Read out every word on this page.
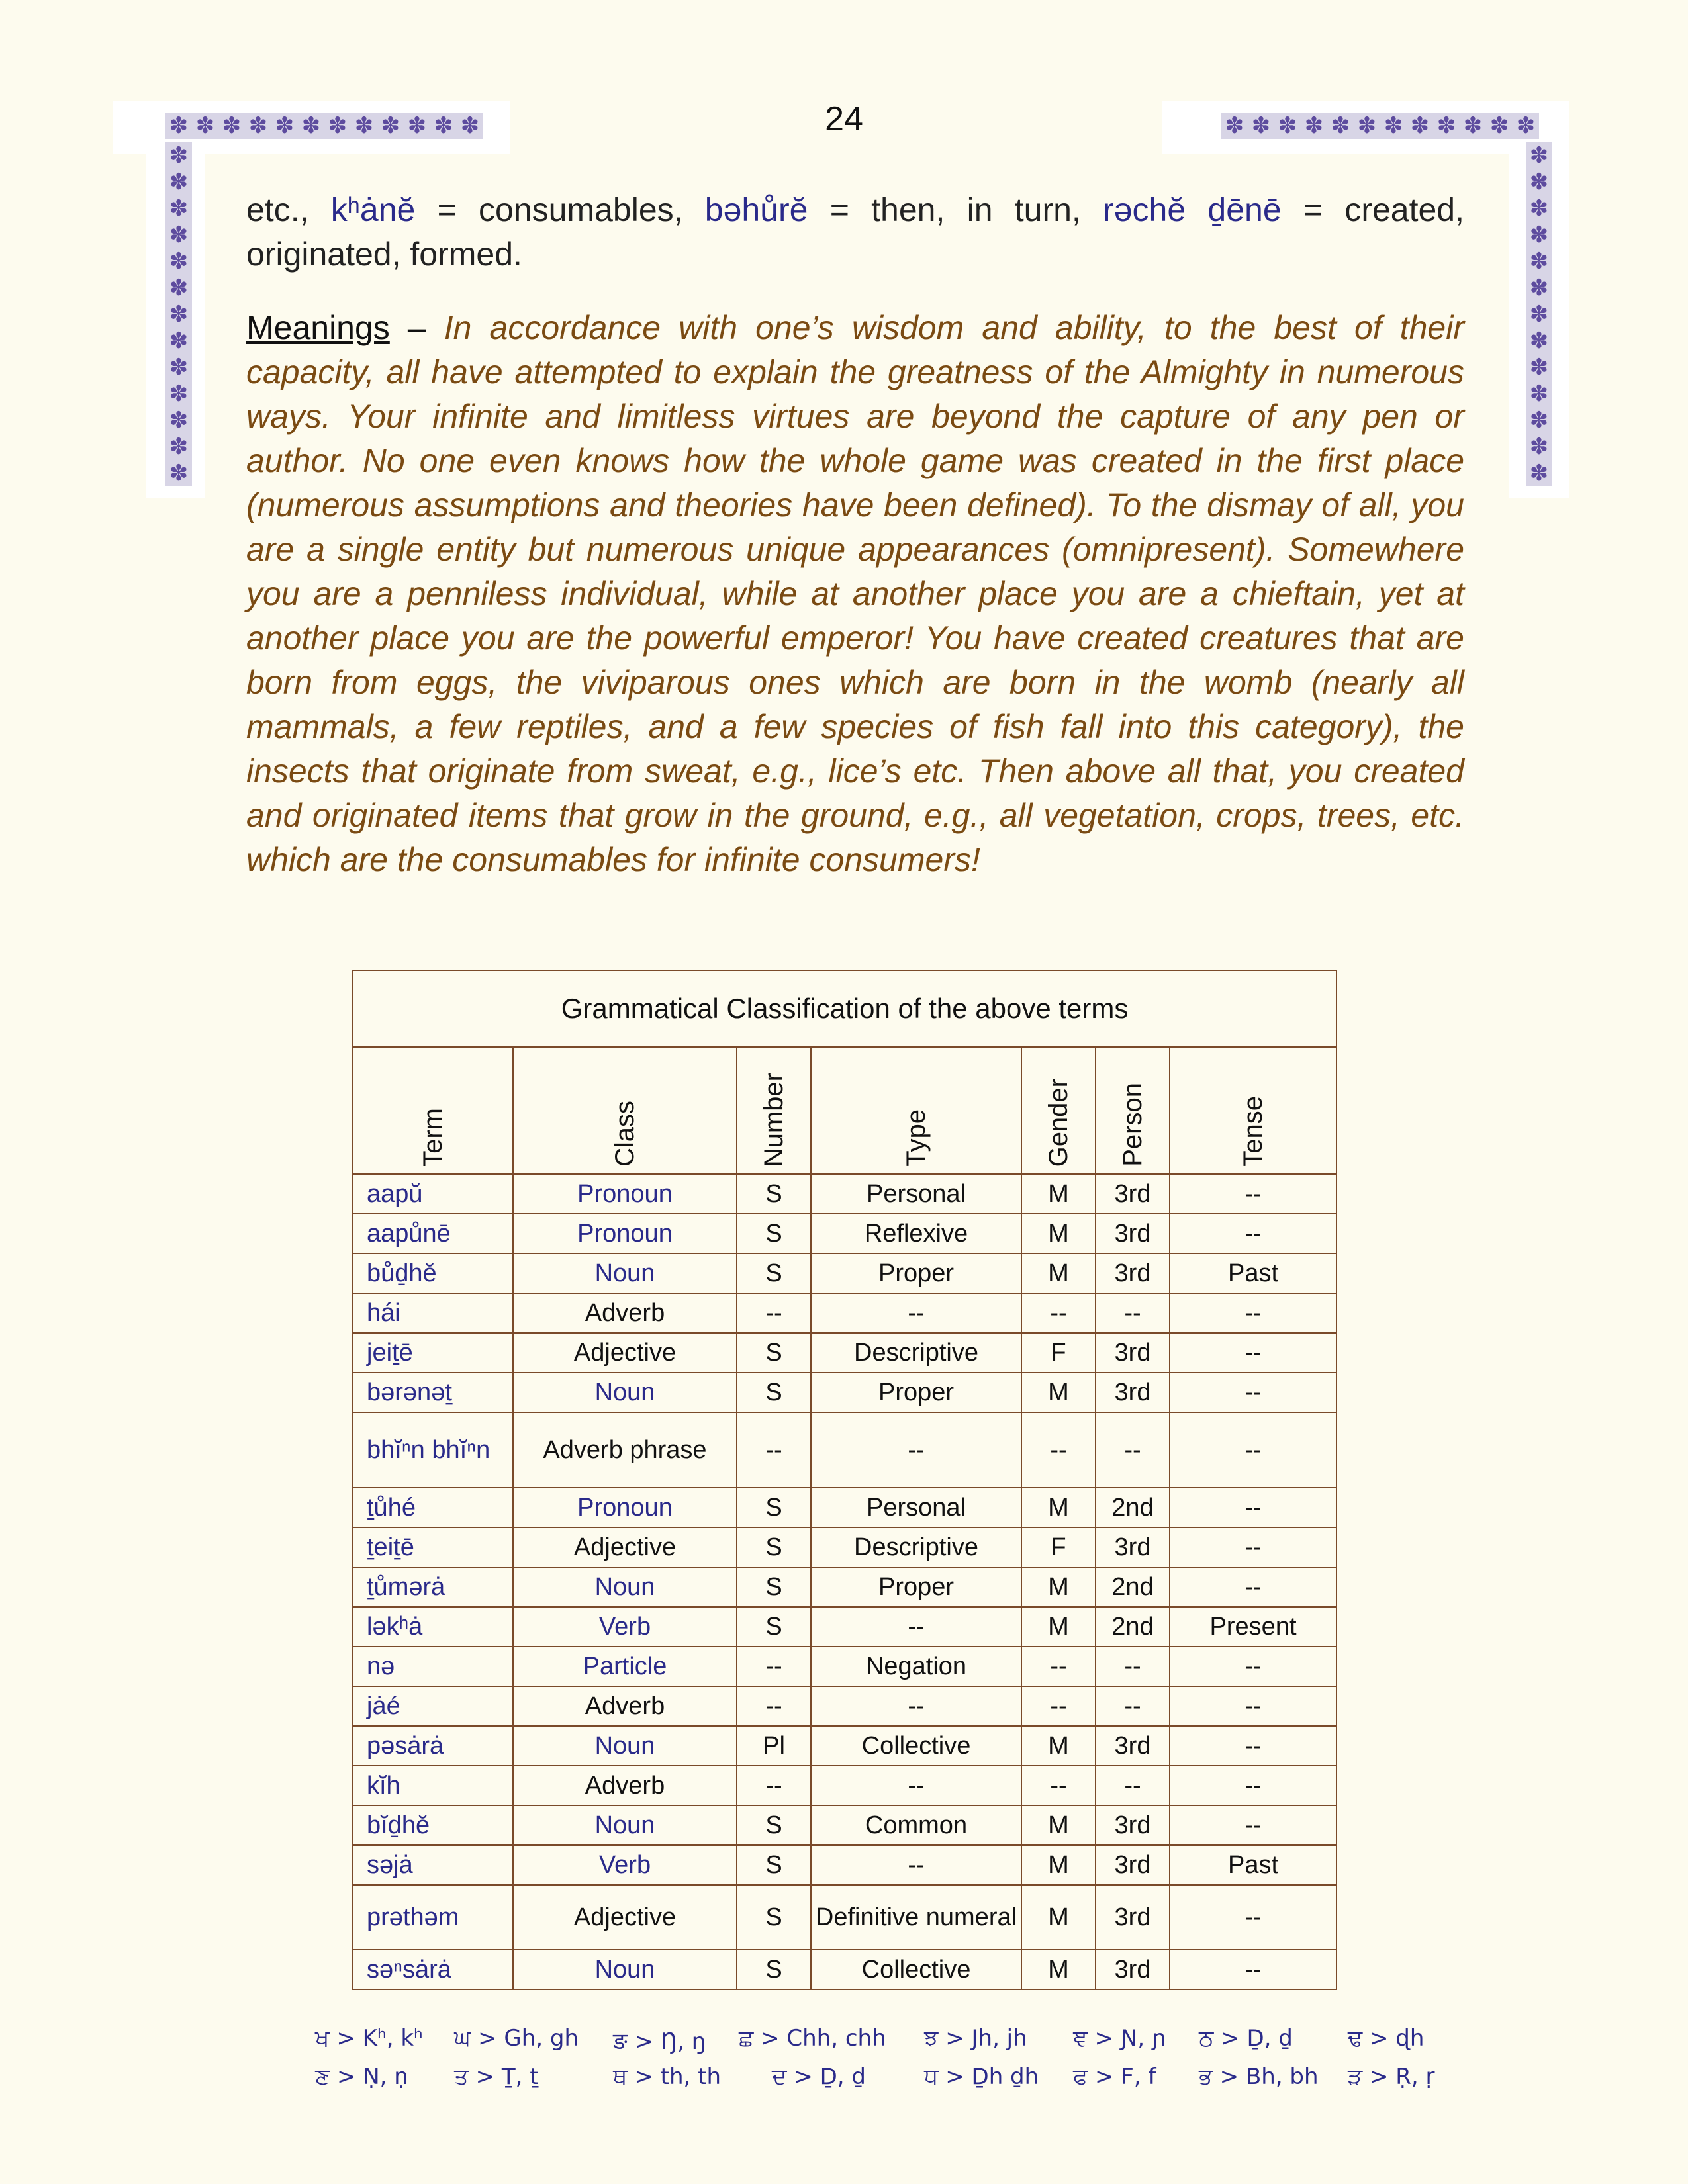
✽ ✽ ✽ ✽ ✽ ✽ ✽ ✽ ✽ ✽ ✽ ✽
✽
✽
✽
✽
✽
✽
✽
✽
✽
✽
✽
✽
✽
✽ ✽ ✽ ✽ ✽ ✽ ✽ ✽ ✽ ✽ ✽ ✽
✽
✽
✽
✽
✽
✽
✽
✽
✽
✽
✽
✽
✽
24
etc., kʰȧnĕ = consumables, bəhůrĕ = then, in turn, rəchĕ ḏēnē = created, originated, formed.
Meanings – In accordance with one’s wisdom and ability, to the best of their capacity, all have attempted to explain the greatness of the Almighty in numerous ways. Your infinite and limitless virtues are beyond the capture of any pen or author. No one even knows how the whole game was created in the first place (numerous assumptions and theories have been defined). To the dismay of all, you are a single entity but numerous unique appearances (omnipresent). Somewhere you are a penniless individual, while at another place you are a chieftain, yet at another place you are the powerful emperor! You have created creatures that are born from eggs, the viviparous ones which are born in the womb (nearly all mammals, a few reptiles, and a few species of fish fall into this category), the insects that originate from sweat, e.g., lice’s etc. Then above all that, you created and originated items that grow in the ground, e.g., all vegetation, crops, trees, etc. which are the consumables for infinite consumers!
Grammatical Classification of the above terms						
Term	Class	Number	Type	Gender	Person	Tense
aapŭ	Pronoun	S	Personal	M	3rd	--
aapůnē	Pronoun	S	Reflexive	M	3rd	--
bůḏhĕ	Noun	S	Proper	M	3rd	Past
hái	Adverb	--	--	--	--	--
jeiṯē	Adjective	S	Descriptive	F	3rd	--
bərənəṯ	Noun	S	Proper	M	3rd	--
bhĭⁿn bhĭⁿn	Adverb phrase	--	--	--	--	--
ṯůhé	Pronoun	S	Personal	M	2nd	--
ṯeiṯē	Adjective	S	Descriptive	F	3rd	--
ṯůmərȧ	Noun	S	Proper	M	2nd	--
ləkʰȧ	Verb	S	--	M	2nd	Present
nə	Particle	--	Negation	--	--	--
jȧé	Adverb	--	--	--	--	--
pəsȧrȧ	Noun	Pl	Collective	M	3rd	--
kĭh	Adverb	--	--	--	--	--
bĭḏhĕ	Noun	S	Common	M	3rd	--
səjȧ	Verb	S	--	M	3rd	Past
prəthəm	Adjective	S	Definitive numeral	M	3rd	--
səⁿsȧrȧ	Noun	S	Collective	M	3rd	--
ਖ > Kʰ, kʰ ਘ > Gh, gh ङ > Ŋ, ŋ ਛ > Chh, chh ਝ > Jh, jh ਞ > Ɲ, ɲ ਠ > Ḏ, ḏ ਢ > ɖh
ਣ > Ṇ, ṇ ਤ > Ṯ, ṯ	ਥ > th, th ਦ > Ḏ, ḏ	ਧ > Ḏh ḏh ਫ > F, f ਭ > Bh, bh ੜ > Ṛ, ṛ
